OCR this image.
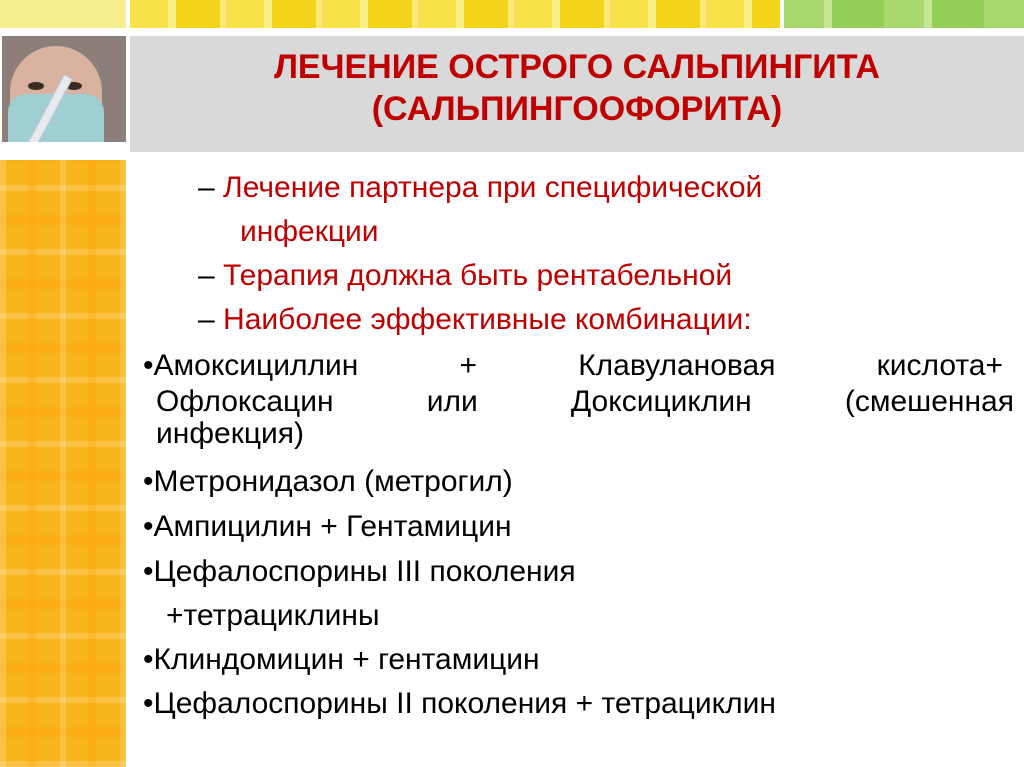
ЛЕЧЕНИЕ ОСТРОГО САЛЬПИНГИТА
(САЛЬПИНГООФОРИТА)
– Лечение партнера при специфической
инфекции
– Терапия должна быть рентабельной
– Наиболее эффективные комбинации:
•Амоксициллин	+	Клавулановая	кислота+
Офлоксацин	или	Доксициклин	(смешенная
инфекция)
•Метронидазол (метрогил)
•Ампицилин + Гентамицин
•Цефалоспорины III поколения
+тетрациклины
•Клиндомицин + гентамицин
•Цефалоспорины II поколения + тетрациклин
